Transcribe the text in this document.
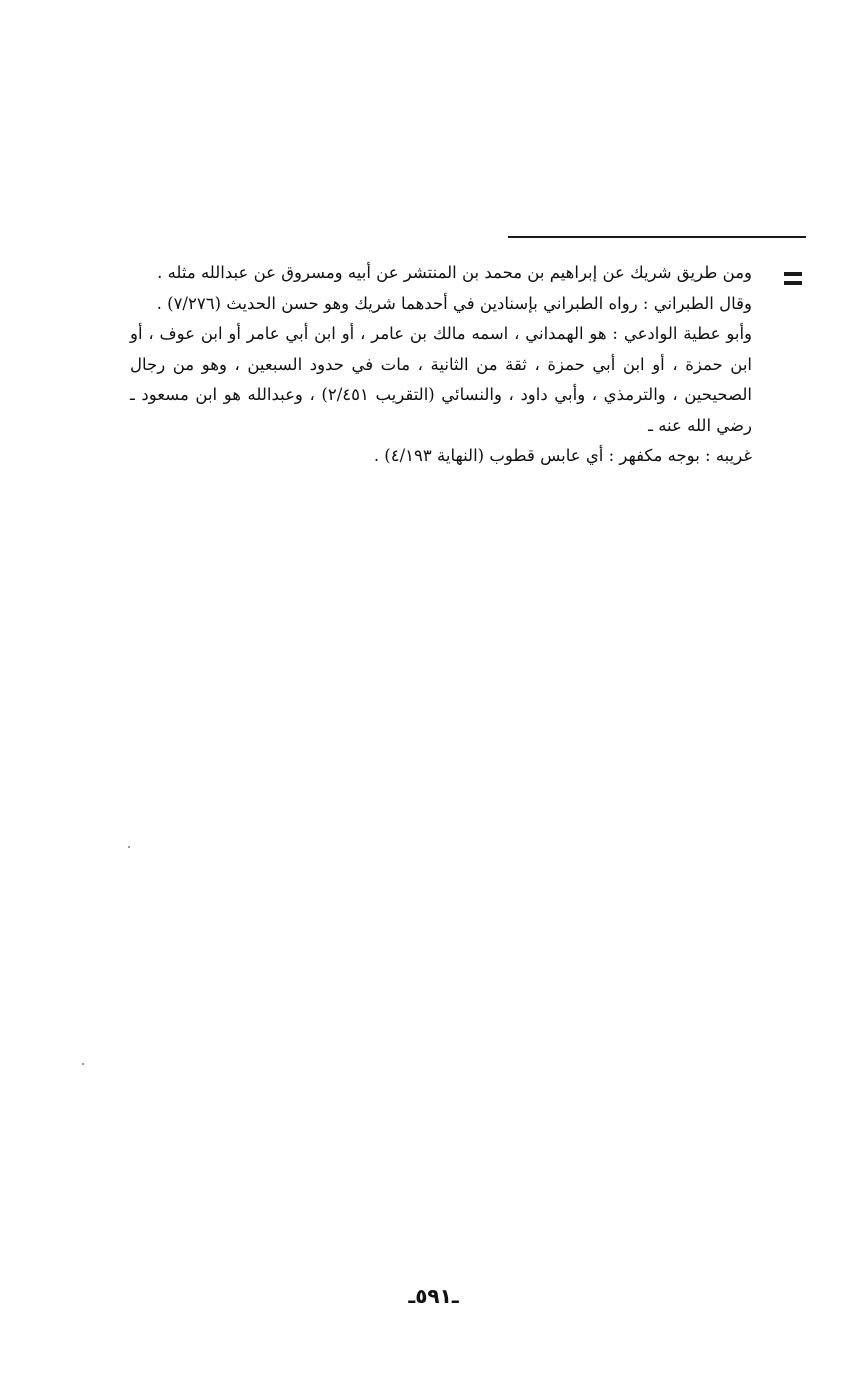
ومن طريق شريك عن إبراهيم بن محمد بن المنتشر عن أبيه ومسروق عن عبدالله مثله .

وقال الطبراني : رواه الطبراني بإسنادين في أحدهما شريك وهو حسن الحديث (٧/٢٧٦) .

وأبو عطية الوادعي : هو الهمداني ، اسمه مالك بن عامر ، أو ابن أبي عامر أو ابن عوف ، أو ابن حمزة ، أو ابن أبي حمزة ، ثقة من الثانية ، مات في حدود السبعين ، وهو من رجال الصحيحين ، والترمذي ، وأبي داود ، والنسائي (التقريب ٢/٤٥١) ، وعبدالله هو ابن مسعود ـ رضي الله عنه ـ

غريبه : بوجه مكفهر : أي عابس قطوب (النهاية ٤/١٩٣) .

ـ٥٩١ـ
